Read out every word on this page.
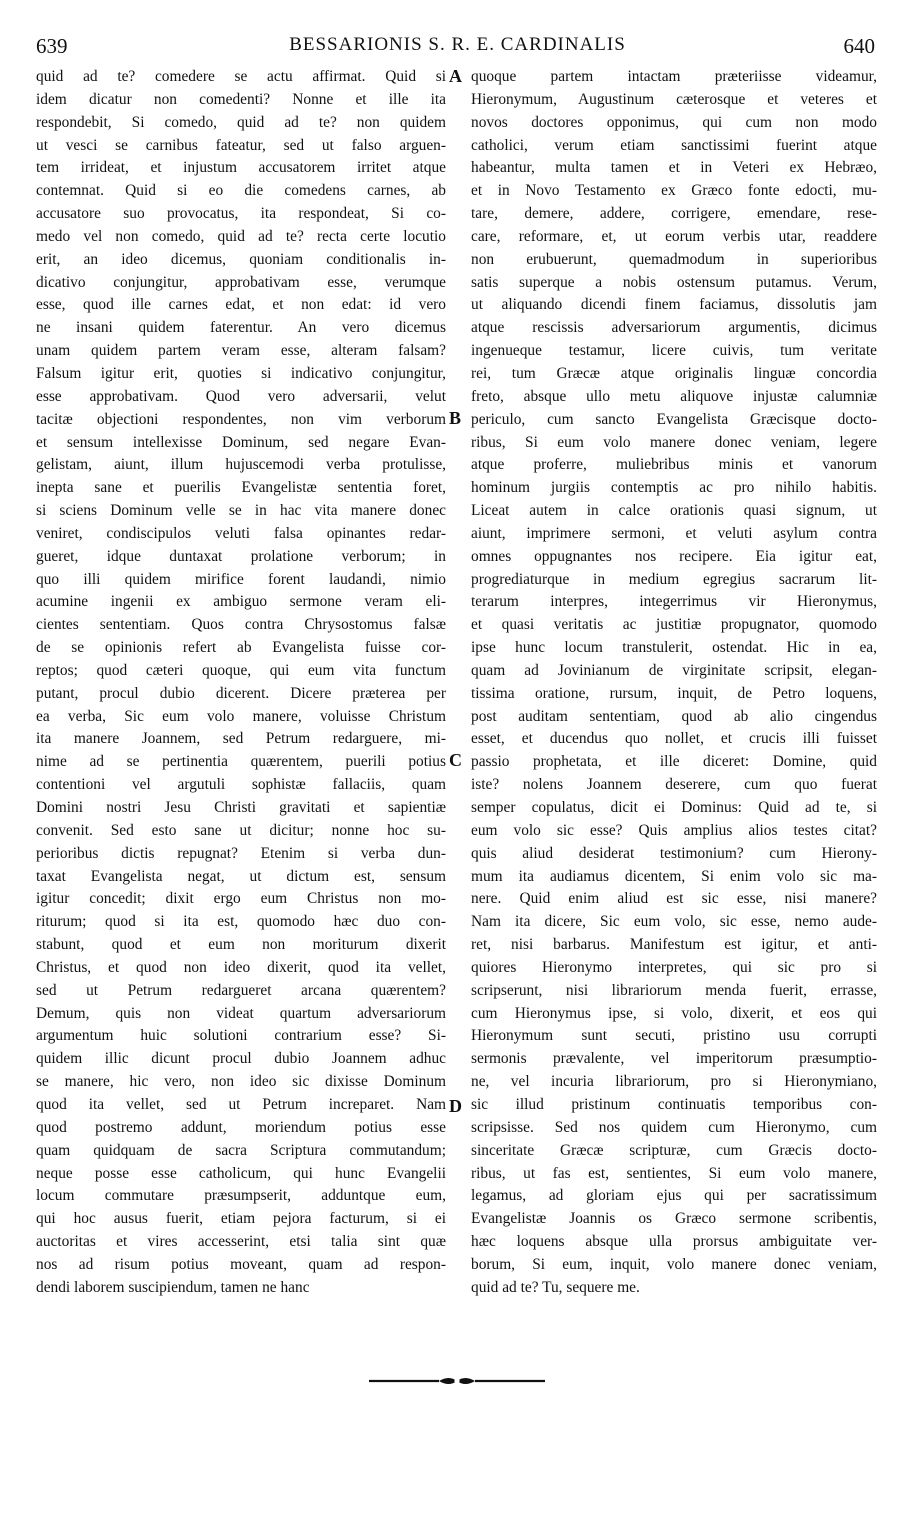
639	BESSARIONIS S. R. E. CARDINALIS	640
quid ad te? comedere se actu affirmat. Quid si
idem dicatur non comedenti? Nonne et ille ita
respondebit, Si comedo, quid ad te? non quidem
ut vesci se carnibus fateatur, sed ut falso arguen-
tem irrideat, et injustum accusatorem irritet atque
contemnat. Quid si eo die comedens carnes, ab
accusatore suo provocatus, ita respondeat, Si co-
medo vel non comedo, quid ad te? recta certe locutio
erit, an ideo dicemus, quoniam conditionalis in-
dicativo conjungitur, approbativam esse, verumque
esse, quod ille carnes edat, et non edat: id vero
ne insani quidem faterentur. An vero dicemus
unam quidem partem veram esse, alteram falsam?
Falsum igitur erit, quoties si indicativo conjungitur,
esse approbativam. Quod vero adversarii, velut
tacitæ objectioni respondentes, non vim verborum
et sensum intellexisse Dominum, sed negare Evan-
gelistam, aiunt, illum hujuscemodi verba protulisse,
inepta sane et puerilis Evangelistæ sententia foret,
si sciens Dominum velle se in hac vita manere donec
veniret, condiscipulos veluti falsa opinantes redar-
gueret, idque duntaxat prolatione verborum; in
quo illi quidem mirifice forent laudandi, nimio
acumine ingenii ex ambiguo sermone veram eli-
cientes sententiam. Quos contra Chrysostomus falsæ
de se opinionis refert ab Evangelista fuisse cor-
reptos; quod cæteri quoque, qui eum vita functum
putant, procul dubio dicerent. Dicere præterea per
ea verba, Sic eum volo manere, voluisse Christum
ita manere Joannem, sed Petrum redarguere, mi-
nime ad se pertinentia quærentem, puerili potius
contentioni vel argutuli sophistæ fallaciis, quam
Domini nostri Jesu Christi gravitati et sapientiæ
convenit. Sed esto sane ut dicitur; nonne hoc su-
perioribus dictis repugnat? Etenim si verba dun-
taxat Evangelista negat, ut dictum est, sensum
igitur concedit; dixit ergo eum Christus non mo-
riturum; quod si ita est, quomodo hæc duo con-
stabunt, quod et eum non moriturum dixerit
Christus, et quod non ideo dixerit, quod ita vellet,
sed ut Petrum redargueret arcana quærentem?
Demum, quis non videat quartum adversariorum
argumentum huic solutioni contrarium esse? Si-
quidem illic dicunt procul dubio Joannem adhuc
se manere, hic vero, non ideo sic dixisse Dominum
quod ita vellet, sed ut Petrum increparet. Nam
quod postremo addunt, moriendum potius esse
quam quidquam de sacra Scriptura commutandum;
neque posse esse catholicum, qui hunc Evangelii
locum commutare præsumpserit, adduntque eum,
qui hoc ausus fuerit, etiam pejora facturum, si ei
auctoritas et vires accesserint, etsi talia sint quæ
nos ad risum potius moveant, quam ad respon-
dendi laborem suscipiendum, tamen ne hanc
quoque partem intactam præteriisse videamur,
Hieronymum, Augustinum cæterosque et veteres et
novos doctores opponimus, qui cum non modo
catholici, verum etiam sanctissimi fuerint atque
habeantur, multa tamen et in Veteri ex Hebræo,
et in Novo Testamento ex Græco fonte edocti, mu-
tare, demere, addere, corrigere, emendare, rese-
care, reformare, et, ut eorum verbis utar, readdere
non erubuerunt, quemadmodum in superioribus
satis superque a nobis ostensum putamus. Verum,
ut aliquando dicendi finem faciamus, dissolutis jam
atque rescissis adversariorum argumentis, dicimus
ingenueque testamur, licere cuivis, tum veritate
rei, tum Græcæ atque originalis linguæ concordia
freto, absque ullo metu aliquove injustæ calumniæ
periculo, cum sancto Evangelista Græcisque docto-
ribus, Si eum volo manere donec veniam, legere
atque proferre, muliebribus minis et vanorum
hominum jurgiis contemptis ac pro nihilo habitis.
Liceat autem in calce orationis quasi signum, ut
aiunt, imprimere sermoni, et veluti asylum contra
omnes oppugnantes nos recipere. Eia igitur eat,
progrediaturque in medium egregius sacrarum lit-
terarum interpres, integerrimus vir Hieronymus,
et quasi veritatis ac justitiæ propugnator, quomodo
ipse hunc locum transtulerit, ostendat. Hic in ea,
quam ad Jovinianum de virginitate scripsit, elegan-
tissima oratione, rursum, inquit, de Petro loquens,
post auditam sententiam, quod ab alio cingendus
esset, et ducendus quo nollet, et crucis illi fuisset
passio prophetata, et ille diceret: Domine, quid
iste? nolens Joannem deserere, cum quo fuerat
semper copulatus, dicit ei Dominus: Quid ad te, si
eum volo sic esse? Quis amplius alios testes citat?
quis aliud desiderat testimonium? cum Hierony-
mum ita audiamus dicentem, Si enim volo sic ma-
nere. Quid enim aliud est sic esse, nisi manere?
Nam ita dicere, Sic eum volo, sic esse, nemo aude-
ret, nisi barbarus. Manifestum est igitur, et anti-
quiores Hieronymo interpretes, qui sic pro si
scripserunt, nisi librariorum menda fuerit, errasse,
cum Hieronymus ipse, si volo, dixerit, et eos qui
Hieronymum sunt secuti, pristino usu corrupti
sermonis prævalente, vel imperitorum præsumptio-
ne, vel incuria librariorum, pro si Hieronymiano,
sic illud pristinum continuatis temporibus con-
scripsisse. Sed nos quidem cum Hieronymo, cum
sinceritate Græcæ scripturæ, cum Græcis docto-
ribus, ut fas est, sentientes, Si eum volo manere,
legamus, ad gloriam ejus qui per sacratissimum
Evangelistæ Joannis os Græco sermone scribentis,
hæc loquens absque ulla prorsus ambiguitate ver-
borum, Si eum, inquit, volo manere donec veniam,
quid ad te? Tu, sequere me.
A
B
C
D
